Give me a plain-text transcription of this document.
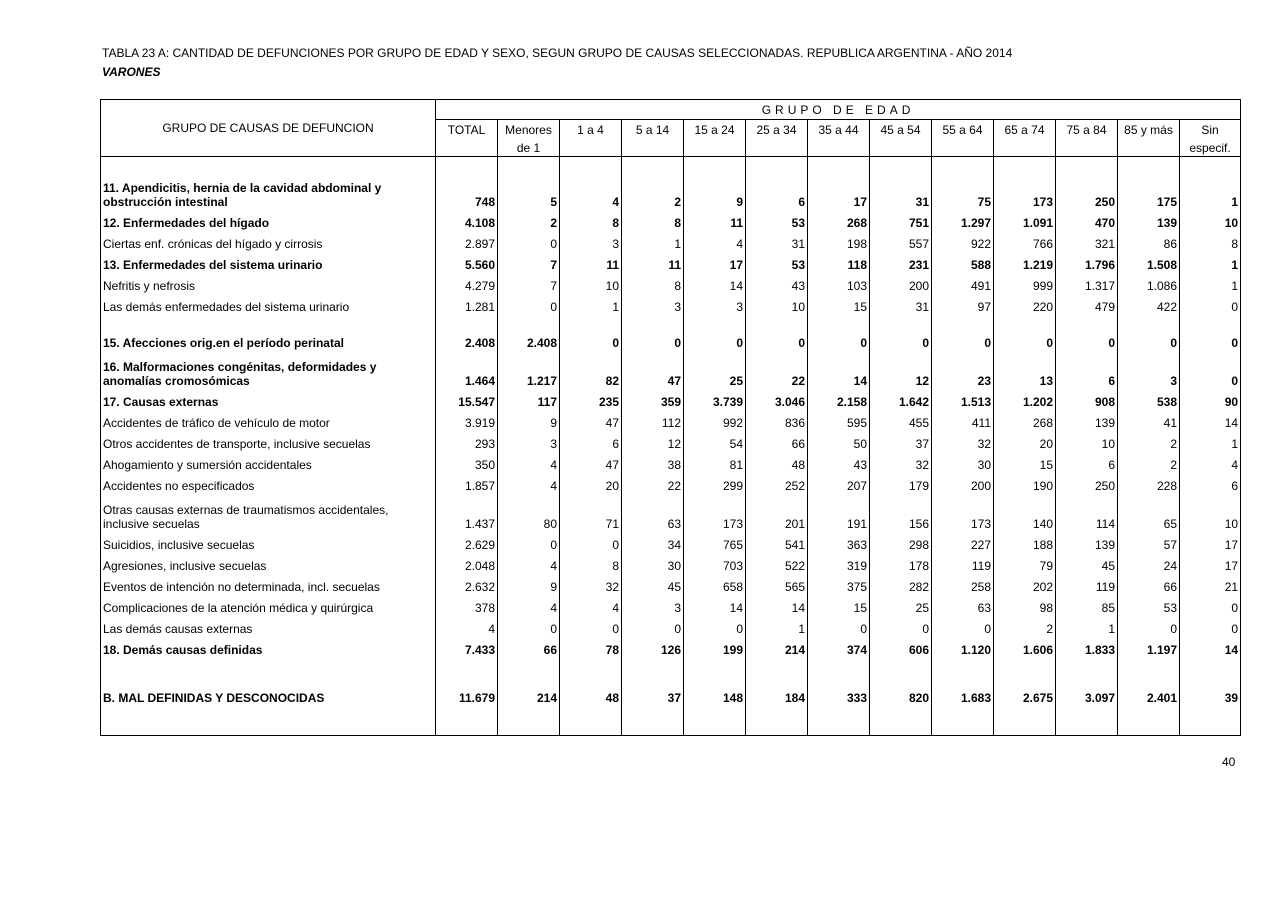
TABLA 23 A: CANTIDAD DE DEFUNCIONES POR GRUPO DE EDAD Y SEXO, SEGUN GRUPO DE CAUSAS SELECCIONADAS. REPUBLICA ARGENTINA - AÑO 2014
VARONES
GRUPO DE CAUSAS DE DEFUNCION	GRUPO DE EDAD												
	TOTAL	Menores	1 a 4	5 a 14	15 a 24	25 a 34	35 a 44	45 a 54	55 a 64	65 a 74	75 a 84	85 y más	Sin
		de 1											especif.

11. Apendicitis, hernia de la cavidad abdominal y obstrucción intestinal	748	5	4	2	9	6	17	31	75	173	250	175	1
12. Enfermedades del hígado	4.108	2	8	8	11	53	268	751	1.297	1.091	470	139	10
Ciertas enf. crónicas del hígado y cirrosis	2.897	0	3	1	4	31	198	557	922	766	321	86	8
13. Enfermedades del sistema urinario	5.560	7	11	11	17	53	118	231	588	1.219	1.796	1.508	1
Nefritis y nefrosis	4.279	7	10	8	14	43	103	200	491	999	1.317	1.086	1
Las demás enfermedades del sistema urinario	1.281	0	1	3	3	10	15	31	97	220	479	422	0
15. Afecciones orig.en el período perinatal	2.408	2.408	0	0	0	0	0	0	0	0	0	0	0
16. Malformaciones congénitas, deformidades y anomalías cromosómicas	1.464	1.217	82	47	25	22	14	12	23	13	6	3	0
17. Causas externas	15.547	117	235	359	3.739	3.046	2.158	1.642	1.513	1.202	908	538	90
Accidentes de tráfico de vehículo de motor	3.919	9	47	112	992	836	595	455	411	268	139	41	14
Otros accidentes de transporte, inclusive secuelas	293	3	6	12	54	66	50	37	32	20	10	2	1
Ahogamiento y sumersión accidentales	350	4	47	38	81	48	43	32	30	15	6	2	4
Accidentes no especificados	1.857	4	20	22	299	252	207	179	200	190	250	228	6
Otras causas externas de traumatismos accidentales, inclusive secuelas	1.437	80	71	63	173	201	191	156	173	140	114	65	10
Suicidios, inclusive secuelas	2.629	0	0	34	765	541	363	298	227	188	139	57	17
Agresiones, inclusive secuelas	2.048	4	8	30	703	522	319	178	119	79	45	24	17
Eventos de intención no determinada, incl. secuelas	2.632	9	32	45	658	565	375	282	258	202	119	66	21
Complicaciones de la atención médica y quirúrgica	378	4	4	3	14	14	15	25	63	98	85	53	0
Las demás causas externas	4	0	0	0	0	1	0	0	0	2	1	0	0
18. Demás causas definidas	7.433	66	78	126	199	214	374	606	1.120	1.606	1.833	1.197	14

B. MAL DEFINIDAS Y DESCONOCIDAS	11.679	214	48	37	148	184	333	820	1.683	2.675	3.097	2.401	39

40
